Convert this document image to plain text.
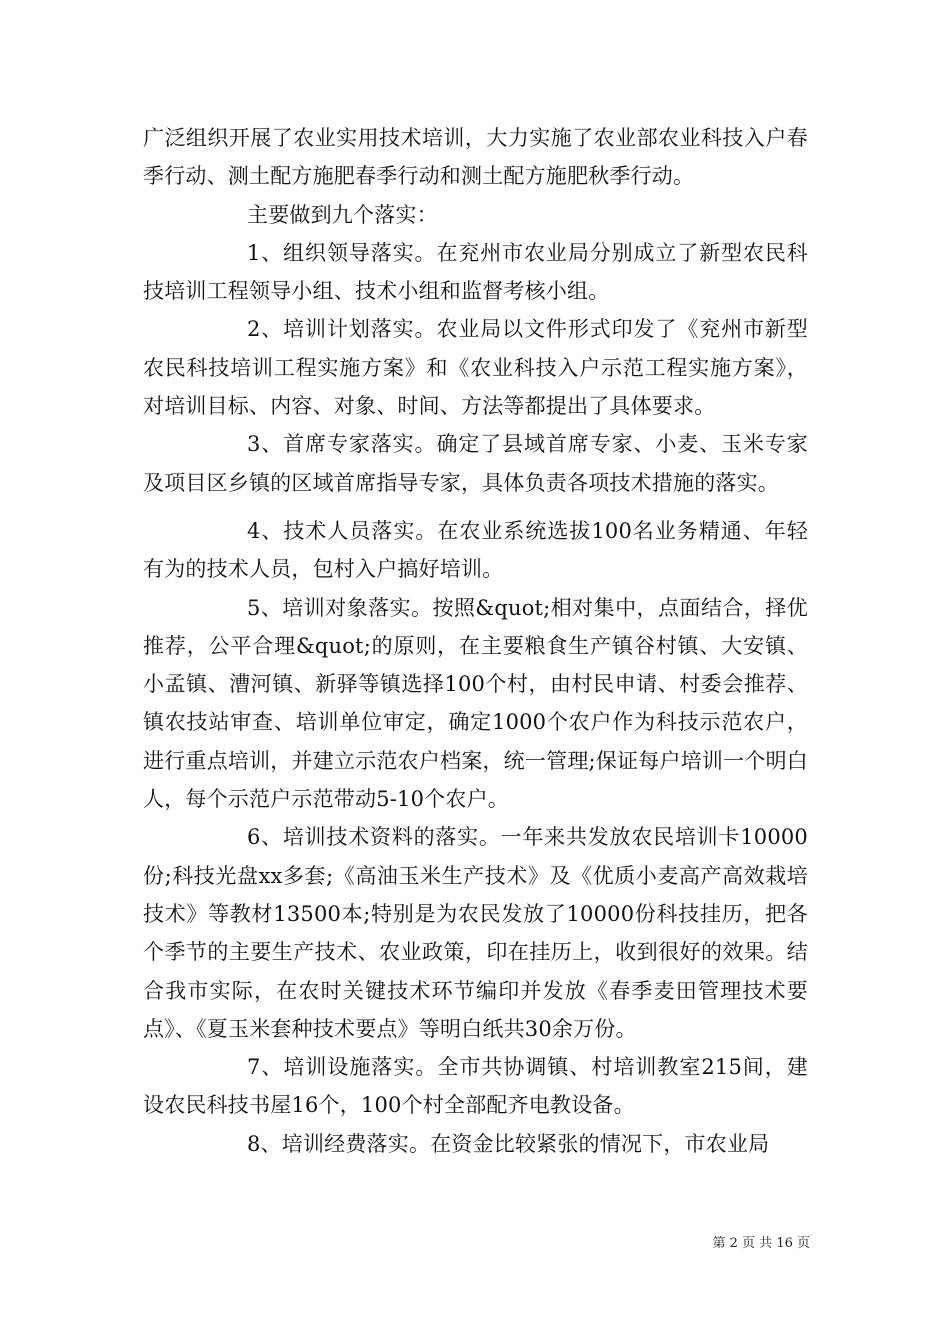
广泛组织开展了农业实用技术培训，大力实施了农业部农业科技入户春季行动、测土配方施肥春季行动和测土配方施肥秋季行动。

主要做到九个落实：

1、组织领导落实。在兖州市农业局分别成立了新型农民科技培训工程领导小组、技术小组和监督考核小组。

2、培训计划落实。农业局以文件形式印发了《兖州市新型农民科技培训工程实施方案》和《农业科技入户示范工程实施方案》，对培训目标、内容、对象、时间、方法等都提出了具体要求。

3、首席专家落实。确定了县域首席专家、小麦、玉米专家及项目区乡镇的区域首席指导专家，具体负责各项技术措施的落实。

4、技术人员落实。在农业系统选拔100名业务精通、年轻有为的技术人员，包村入户搞好培训。

5、培训对象落实。按照&quot;相对集中，点面结合，择优推荐，公平合理&quot;的原则，在主要粮食生产镇谷村镇、大安镇、小孟镇、漕河镇、新驿等镇选择100个村，由村民申请、村委会推荐、镇农技站审查、培训单位审定，确定1000个农户作为科技示范农户，进行重点培训，并建立示范农户档案，统一管理;保证每户培训一个明白人，每个示范户示范带动5-10个农户。

6、培训技术资料的落实。一年来共发放农民培训卡10000份;科技光盘xx多套;《高油玉米生产技术》及《优质小麦高产高效栽培技术》等教材13500本;特别是为农民发放了10000份科技挂历，把各个季节的主要生产技术、农业政策，印在挂历上，收到很好的效果。结合我市实际，在农时关键技术环节编印并发放《春季麦田管理技术要点》、《夏玉米套种技术要点》等明白纸共30余万份。

7、培训设施落实。全市共协调镇、村培训教室215间，建设农民科技书屋16个，100个村全部配齐电教设备。

8、培训经费落实。在资金比较紧张的情况下，市农业局

第 2 页 共 16 页
